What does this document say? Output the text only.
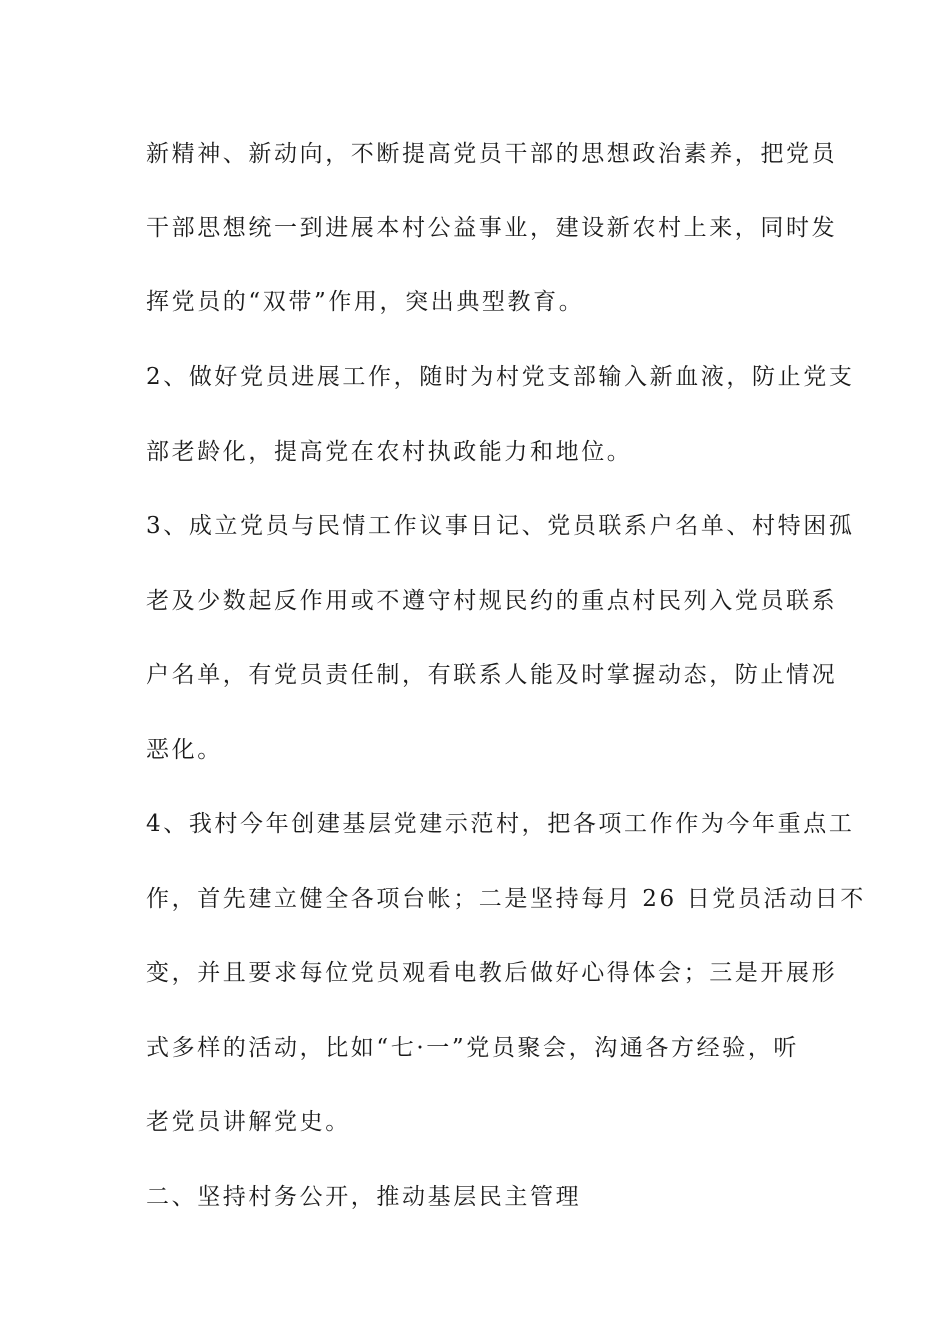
新精神、新动向，不断提高党员干部的思想政治素养，把党员
干部思想统一到进展本村公益事业，建设新农村上来，同时发
挥党员的“双带”作用，突出典型教育。
2、做好党员进展工作，随时为村党支部输入新血液，防止党支
部老龄化，提高党在农村执政能力和地位。
3、成立党员与民情工作议事日记、党员联系户名单、村特困孤
老及少数起反作用或不遵守村规民约的重点村民列入党员联系
户名单，有党员责任制，有联系人能及时掌握动态，防止情况
恶化。
4、我村今年创建基层党建示范村，把各项工作作为今年重点工
作，首先建立健全各项台帐；二是坚持每月 26 日党员活动日不
变，并且要求每位党员观看电教后做好心得体会；三是开展形
式多样的活动，比如“七·一”党员聚会，沟通各方经验，听
老党员讲解党史。
二、坚持村务公开，推动基层民主管理
